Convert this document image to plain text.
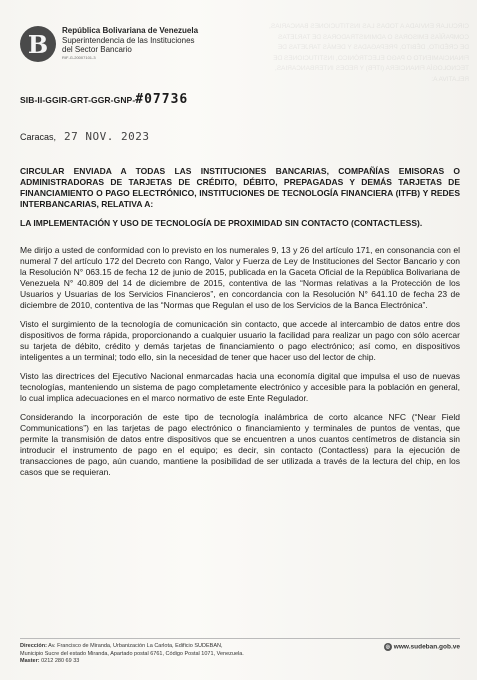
CIRCULAR ENVIADA A TODAS LAS INSTITUCIONES BANCARIAS, COMPAÑÍAS EMISORAS O ADMINISTRADORAS DE TARJETAS DE CRÉDITO, DÉBITO, PREPAGADAS Y DEMÁS TARJETAS DE FINANCIAMIENTO O PAGO ELECTRÓNICO, INSTITUCIONES DE TECNOLOGÍA FINANCIERA (ITFB) Y REDES INTERBANCARIAS, RELATIVA A:
B	República Bolivariana de Venezuela
Superintendencia de las Instituciones
del Sector Bancario
RIF-G-20007101-3
SIB-II-GGIR-GRT-GGR-GNP-#07736
Caracas, 27 NOV. 2023
CIRCULAR ENVIADA A TODAS LAS INSTITUCIONES BANCARIAS, COMPAÑÍAS EMISORAS O ADMINISTRADORAS DE TARJETAS DE CRÉDITO, DÉBITO, PREPAGADAS Y DEMÁS TARJETAS DE FINANCIAMIENTO O PAGO ELECTRÓNICO, INSTITUCIONES DE TECNOLOGÍA FINANCIERA (ITFB) Y REDES INTERBANCARIAS, RELATIVA A:
LA IMPLEMENTACIÓN Y USO DE TECNOLOGÍA DE PROXIMIDAD SIN CONTACTO (CONTACTLESS).

Me dirijo a usted de conformidad con lo previsto en los numerales 9, 13 y 26 del artículo 171, en consonancia con el numeral 7 del artículo 172 del Decreto con Rango, Valor y Fuerza de Ley de Instituciones del Sector Bancario y con la Resolución N° 063.15 de fecha 12 de junio de 2015, publicada en la Gaceta Oficial de la República Bolivariana de Venezuela N° 40.809 del 14 de diciembre de 2015, contentiva de las “Normas relativas a la Protección de los Usuarios y Usuarias de los Servicios Financieros”, en concordancia con la Resolución N° 641.10 de fecha 23 de diciembre de 2010, contentiva de las “Normas que Regulan el uso de los Servicios de la Banca Electrónica”.

Visto el surgimiento de la tecnología de comunicación sin contacto, que accede al intercambio de datos entre dos dispositivos de forma rápida, proporcionando a cualquier usuario la facilidad para realizar un pago con sólo acercar su tarjeta de débito, crédito y demás tarjetas de financiamiento o pago electrónico; así como, en dispositivos inteligentes a un terminal; todo ello, sin la necesidad de tener que hacer uso del lector de chip.

Visto las directrices del Ejecutivo Nacional enmarcadas hacia una economía digital que impulsa el uso de nuevas tecnologías, manteniendo un sistema de pago completamente electrónico y accesible para la población en general, lo cual implica adecuaciones en el marco normativo de este Ente Regulador.

Considerando la incorporación de este tipo de tecnología inalámbrica de corto alcance NFC (“Near Field Communications”) en las tarjetas de pago electrónico o financiamiento y terminales de puntos de ventas, que permite la transmisión de datos entre dispositivos que se encuentren a unos cuantos centímetros de distancia sin introducir el instrumento de pago en el equipo; es decir, sin contacto (Contactless) para la ejecución de transacciones de pago, aún cuando, mantiene la posibilidad de ser utilizada a través de la lectura del chip, en los casos que se requieran.

Dirección: Av. Francisco de Miranda, Urbanización La Carlota, Edificio SUDEBAN,
Municipio Sucre del estado Miranda, Apartado postal 6761, Código Postal 1071, Venezuela.
Master: 0212 280 69 33
◎ www.sudeban.gob.ve
